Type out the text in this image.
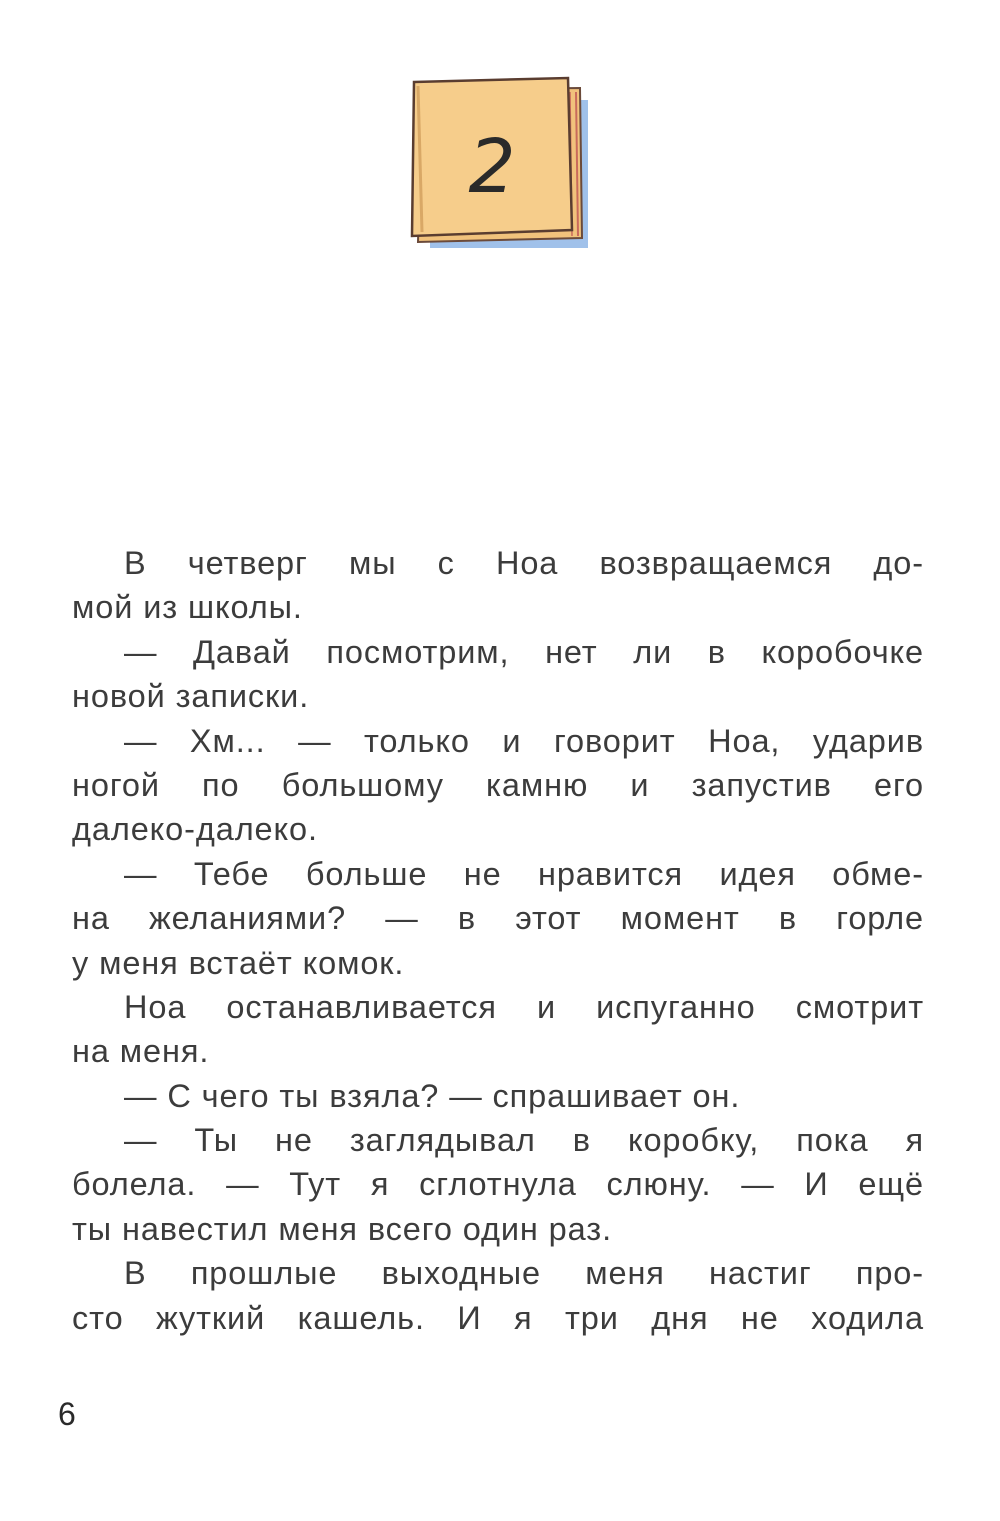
2
В четверг мы с Ноа возвращаемся до-
мой из школы.
— Давай посмотрим, нет ли в коробочке
новой записки.
— Хм... — только и говорит Ноа, ударив
ногой по большому камню и запустив его
далеко-далеко.
— Тебе больше не нравится идея обме-
на желаниями? — в этот момент в горле
у меня встаёт комок.
Ноа останавливается и испуганно смотрит
на меня.
— С чего ты взяла? — спрашивает он.
— Ты не заглядывал в коробку, пока я
болела. — Тут я сглотнула слюну. — И ещё
ты навестил меня всего один раз.
В прошлые выходные меня настиг про-
сто жуткий кашель. И я три дня не ходила
6
